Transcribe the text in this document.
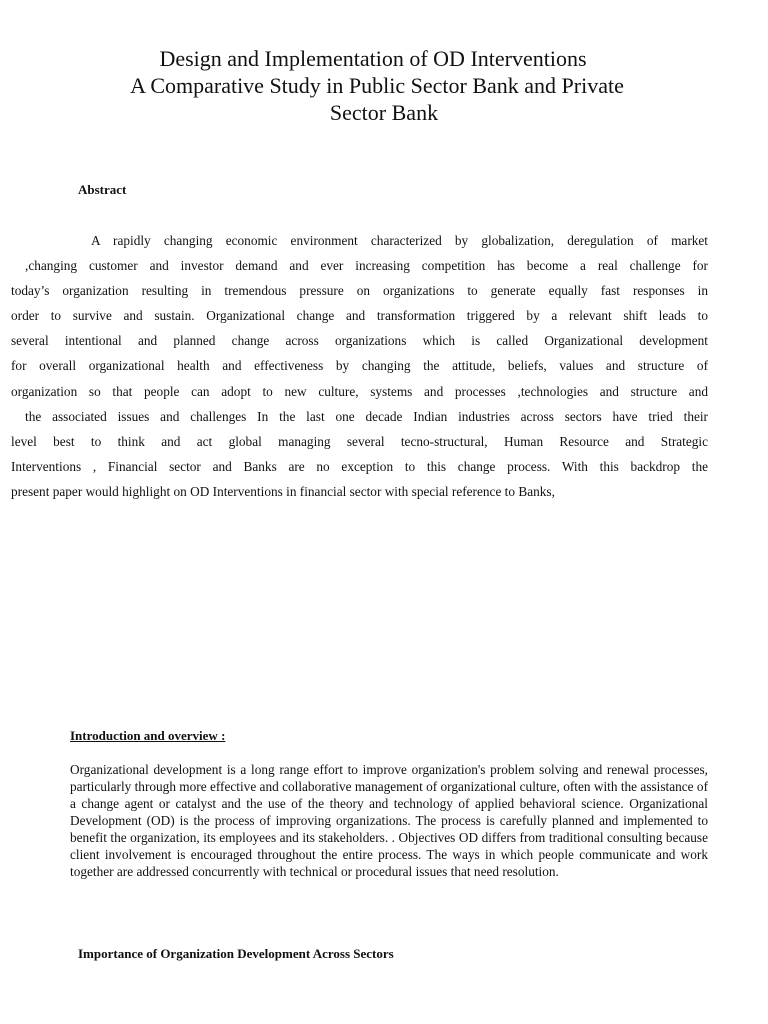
Design and Implementation of OD Interventions
A Comparative Study in Public Sector Bank and Private
Sector Bank
Abstract
A rapidly changing economic environment characterized by globalization, deregulation of market
,changing customer and investor demand and ever increasing competition has become a real challenge for
today’s organization resulting in tremendous pressure on organizations to generate equally fast responses in
order to survive and sustain. Organizational change and transformation triggered by a relevant shift leads to
several intentional and planned change across organizations which is called Organizational development
for overall organizational health and effectiveness by changing the attitude, beliefs, values and structure of
organization so that people can adopt to new culture, systems and processes ,technologies and structure and
the associated issues and challenges In the last one decade Indian industries across sectors have tried their
level best to think and act global managing several tecno-structural, Human Resource and Strategic
Interventions , Financial sector and Banks are no exception to this change process. With this backdrop the
present paper would highlight on OD Interventions in financial sector with special reference to Banks,
Introduction and overview :
Organizational development is a long range effort to improve organization's problem solving and renewal processes, particularly through more effective and collaborative management of organizational culture, often with the assistance of a change agent or catalyst and the use of the theory and technology of applied behavioral science. Organizational Development (OD) is the process of improving organizations. The process is carefully planned and implemented to benefit the organization, its employees and its stakeholders. . Objectives OD differs from traditional consulting because client involvement is encouraged throughout the entire process. The ways in which people communicate and work together are addressed concurrently with technical or procedural issues that need resolution.
Importance of Organization Development Across Sectors
